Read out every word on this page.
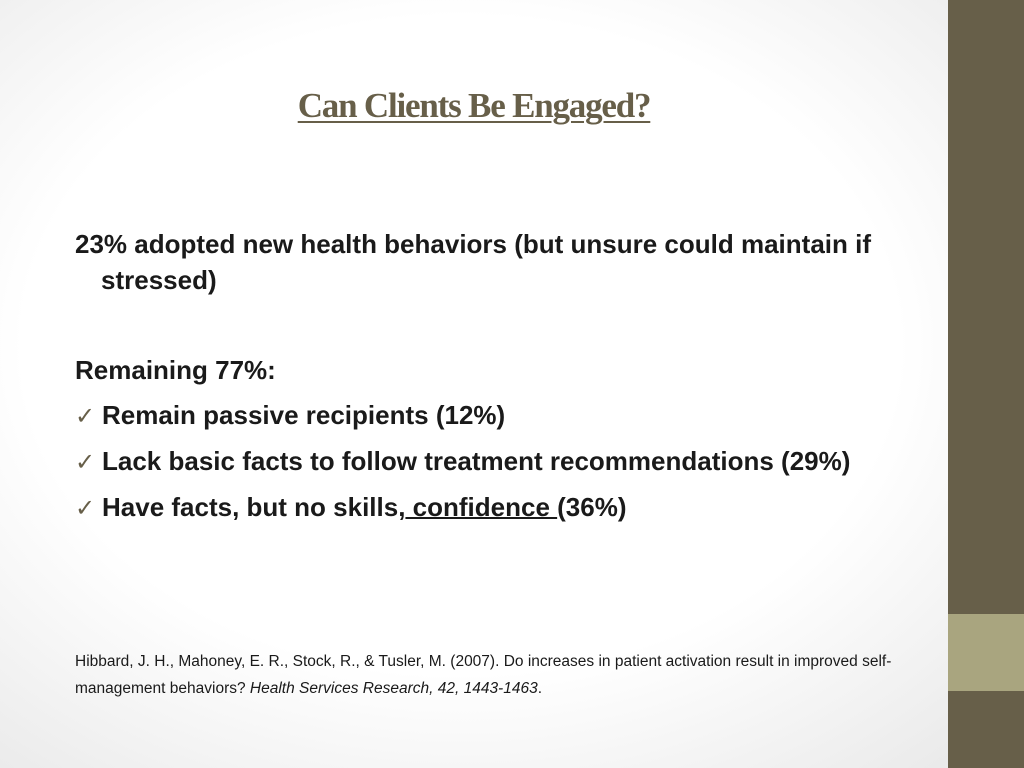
Can Clients Be Engaged?

23% adopted new health behaviors (but unsure could maintain if stressed)

Remaining 77%:

✓ Remain passive recipients (12%)

✓ Lack basic facts to follow treatment recommendations (29%)

✓ Have facts, but no skills, confidence (36%)

Hibbard, J. H., Mahoney, E. R., Stock, R., & Tusler, M. (2007). Do increases in patient activation result in improved self-management behaviors? Health Services Research, 42, 1443-1463.
